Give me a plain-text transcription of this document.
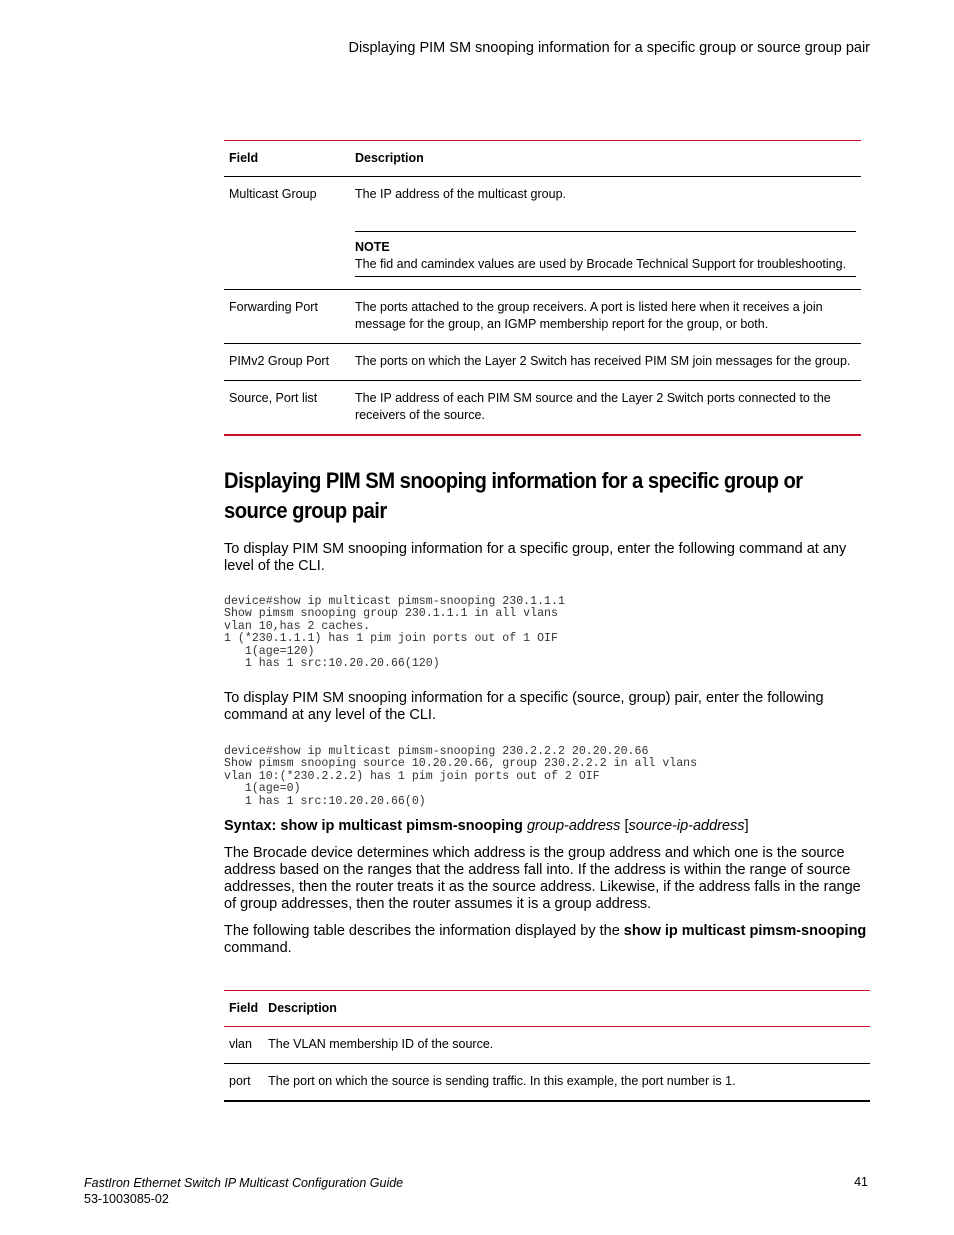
Displaying PIM SM snooping information for a specific group or source group pair
Field	Description
Multicast Group	The IP address of the multicast group.
NOTE
The fid and camindex values are used by Brocade Technical Support for troubleshooting.

Forwarding Port	The ports attached to the group receivers. A port is listed here when it receives a join message for the group, an IGMP membership report for the group, or both.
PIMv2 Group Port	The ports on which the Layer 2 Switch has received PIM SM join messages for the group.
Source, Port list	The IP address of each PIM SM source and the Layer 2 Switch ports connected to the receivers of the source.
Displaying PIM SM snooping information for a specific group or source group pair

To display PIM SM snooping information for a specific group, enter the following command at any level of the CLI.

device#show ip multicast pimsm-snooping 230.1.1.1
Show pimsm snooping group 230.1.1.1 in all vlans
vlan 10,has 2 caches.
1 (*230.1.1.1) has 1 pim join ports out of 1 OIF
1(age=120)
1 has 1 src:10.20.20.66(120)

To display PIM SM snooping information for a specific (source, group) pair, enter the following command at any level of the CLI.

device#show ip multicast pimsm-snooping 230.2.2.2 20.20.20.66
Show pimsm snooping source 10.20.20.66, group 230.2.2.2 in all vlans
vlan 10:(*230.2.2.2) has 1 pim join ports out of 2 OIF
1(age=0)
1 has 1 src:10.20.20.66(0)
Syntax: show ip multicast pimsm-snooping group-address [source-ip-address]

The Brocade device determines which address is the group address and which one is the source address based on the ranges that the address fall into. If the address is within the range of source addresses, then the router treats it as the source address. Likewise, if the address falls in the range of group addresses, then the router assumes it is a group address.

The following table describes the information displayed by the show ip multicast pimsm-snooping command.

Field	Description
vlan	The VLAN membership ID of the source.
port	The port on which the source is sending traffic. In this example, the port number is 1.
FastIron Ethernet Switch IP Multicast Configuration Guide
53-1003085-02
41
